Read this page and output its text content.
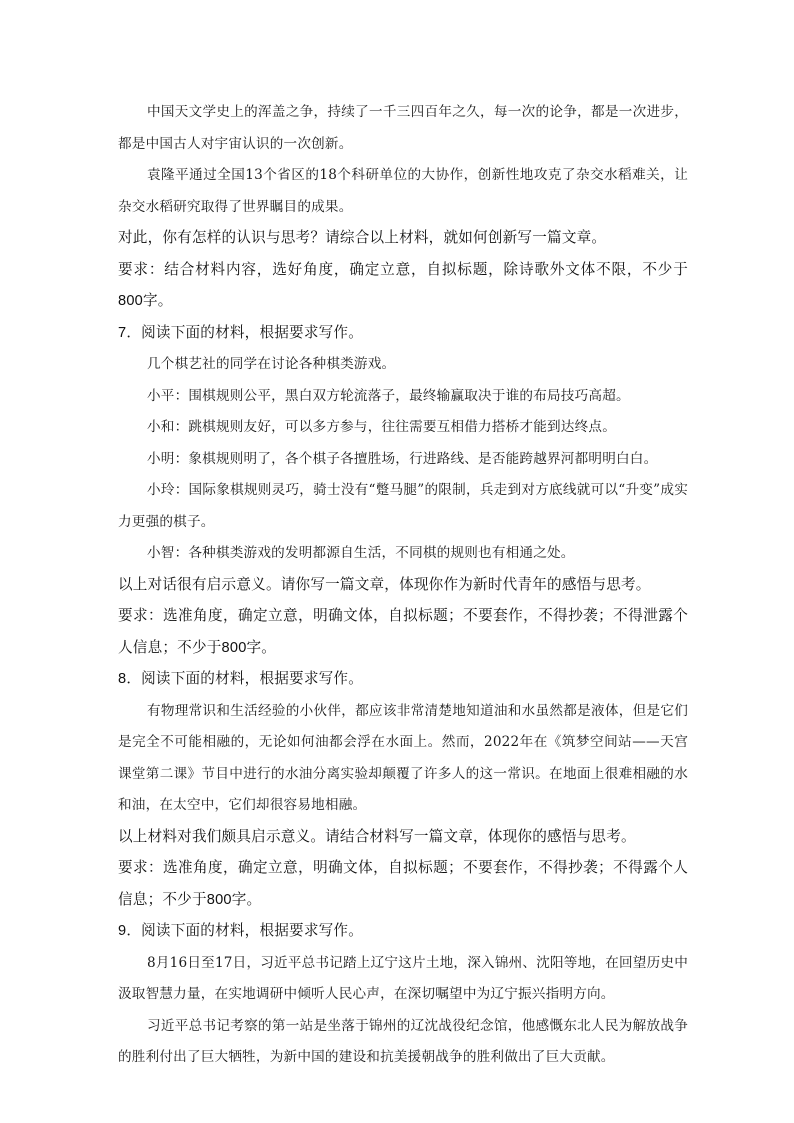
中国天文学史上的浑盖之争，持续了一千三四百年之久，每一次的论争，都是一次进步，都是中国古人对宇宙认识的一次创新。

袁隆平通过全国13个省区的18个科研单位的大协作，创新性地攻克了杂交水稻难关，让杂交水稻研究取得了世界瞩目的成果。

对此，你有怎样的认识与思考？请综合以上材料，就如何创新写一篇文章。

要求：结合材料内容，选好角度，确定立意，自拟标题，除诗歌外文体不限，不少于800字。

7．阅读下面的材料，根据要求写作。

几个棋艺社的同学在讨论各种棋类游戏。

小平：围棋规则公平，黑白双方轮流落子，最终输赢取决于谁的布局技巧高超。

小和：跳棋规则友好，可以多方参与，往往需要互相借力搭桥才能到达终点。

小明：象棋规则明了，各个棋子各擅胜场，行进路线、是否能跨越界河都明明白白。

小玲：国际象棋规则灵巧，骑士没有“蹩马腿”的限制，兵走到对方底线就可以“升变”成实力更强的棋子。

小智：各种棋类游戏的发明都源自生活，不同棋的规则也有相通之处。

以上对话很有启示意义。请你写一篇文章，体现你作为新时代青年的感悟与思考。

要求：选准角度，确定立意，明确文体，自拟标题；不要套作，不得抄袭；不得泄露个人信息；不少于800字。

8．阅读下面的材料，根据要求写作。

有物理常识和生活经验的小伙伴，都应该非常清楚地知道油和水虽然都是液体，但是它们是完全不可能相融的，无论如何油都会浮在水面上。然而，2022年在《筑梦空间站——天宫课堂第二课》节目中进行的水油分离实验却颠覆了许多人的这一常识。在地面上很难相融的水和油，在太空中，它们却很容易地相融。

以上材料对我们颇具启示意义。请结合材料写一篇文章，体现你的感悟与思考。

要求：选准角度，确定立意，明确文体，自拟标题；不要套作，不得抄袭；不得露个人信息；不少于800字。

9．阅读下面的材料，根据要求写作。

8月16日至17日，习近平总书记踏上辽宁这片土地，深入锦州、沈阳等地，在回望历史中汲取智慧力量，在实地调研中倾听人民心声，在深切嘱望中为辽宁振兴指明方向。

习近平总书记考察的第一站是坐落于锦州的辽沈战役纪念馆，他感慨东北人民为解放战争的胜利付出了巨大牺牲，为新中国的建设和抗美援朝战争的胜利做出了巨大贡献。
